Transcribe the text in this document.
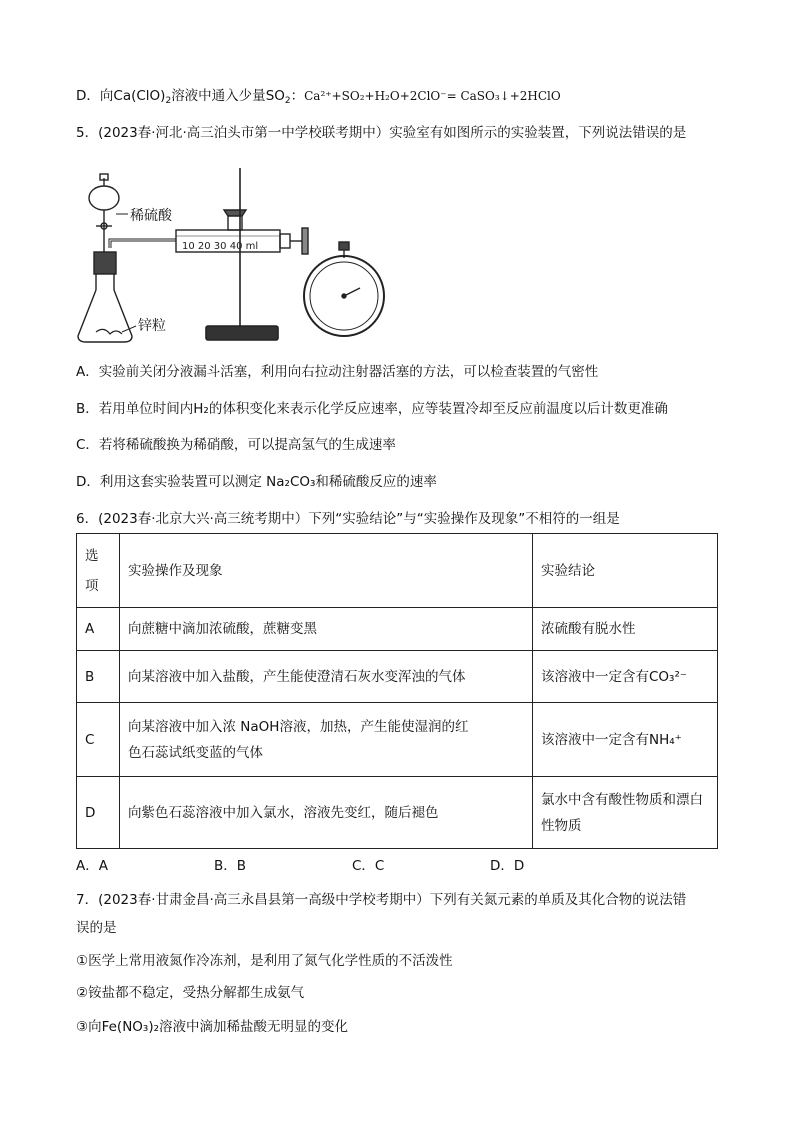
D．向$Ca(ClO)_2$溶液中通入少量$SO_2$：Ca²⁺+SO₂+H₂O+2ClO⁻= CaSO₃↓+2HClO
5．(2023春·河北·高三泊头市第一中学校联考期中）实验室有如图所示的实验装置，下列说法错误的是
10 20 30 40 ml
稀硫酸
锌粒
A．实验前关闭分液漏斗活塞，利用向右拉动注射器活塞的方法，可以检查装置的气密性
B．若用单位时间内H₂的体积变化来表示化学反应速率，应等装置冷却至反应前温度以后计数更准确
C．若将稀硫酸换为稀硝酸，可以提高氢气的生成速率
D．利用这套实验装置可以测定 Na₂CO₃和稀硫酸反应的速率
6．(2023春·北京大兴·高三统考期中）下列“实验结论”与“实验操作及现象”不相符的一组是
选项	实验操作及现象	实验结论
A	向蔗糖中滴加浓硫酸，蔗糖变黑	浓硫酸有脱水性
B	向某溶液中加入盐酸，产生能使澄清石灰水变浑浊的气体	该溶液中一定含有CO₃²⁻
C	向某溶液中加入浓 NaOH溶液，加热，产生能使湿润的红色石蕊试纸变蓝的气体	该溶液中一定含有NH₄⁺
D	向紫色石蕊溶液中加入氯水，溶液先变红，随后褪色	氯水中含有酸性物质和漂白性物质
A．A	B．B	C．C	D．D
7．(2023春·甘肃金昌·高三永昌县第一高级中学校考期中）下列有关氮元素的单质及其化合物的说法错
误的是
①医学上常用液氮作冷冻剂，是利用了氮气化学性质的不活泼性
②铵盐都不稳定，受热分解都生成氨气
③向Fe(NO₃)₂溶液中滴加稀盐酸无明显的变化
